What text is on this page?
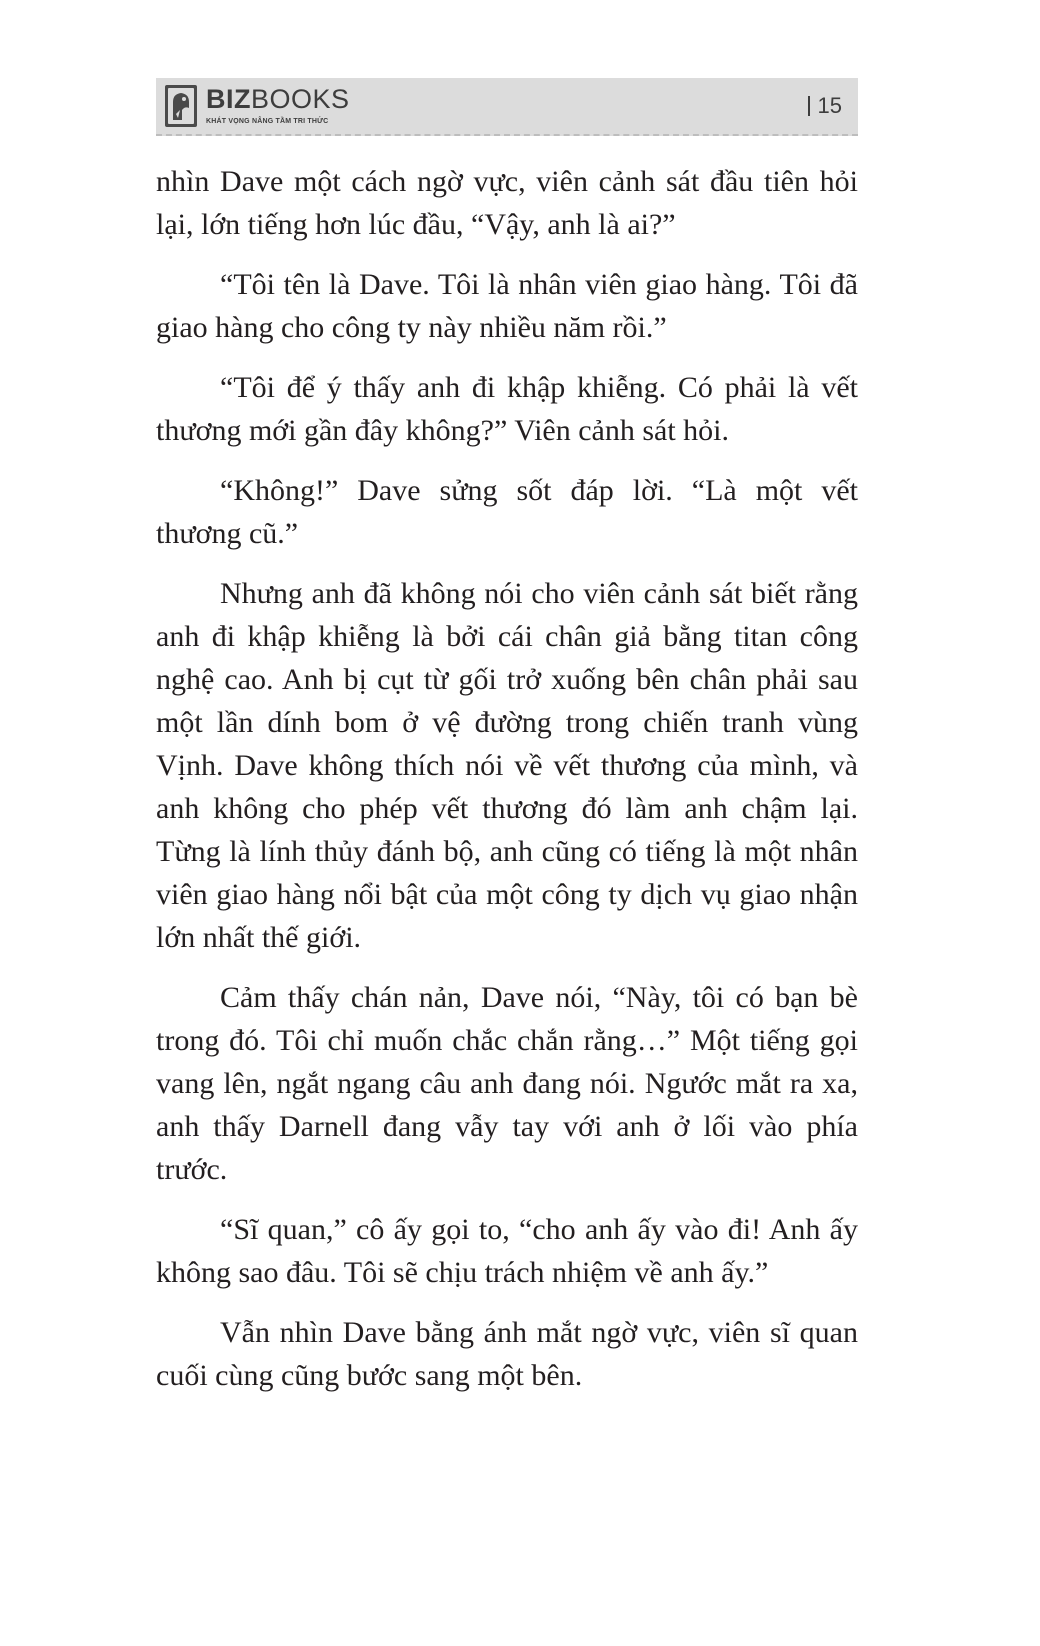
BIZBOOKS
KHÁT VỌNG NÂNG TẦM TRI THỨC
15

nhìn Dave một cách ngờ vực, viên cảnh sát đầu tiên hỏi lại, lớn tiếng hơn lúc đầu, “Vậy, anh là ai?”

“Tôi tên là Dave. Tôi là nhân viên giao hàng. Tôi đã giao hàng cho công ty này nhiều năm rồi.”

“Tôi để ý thấy anh đi khập khiễng. Có phải là vết thương mới gần đây không?” Viên cảnh sát hỏi.

“Không!” Dave sửng sốt đáp lời. “Là một vết thương cũ.”

Nhưng anh đã không nói cho viên cảnh sát biết rằng anh đi khập khiễng là bởi cái chân giả bằng titan công nghệ cao. Anh bị cụt từ gối trở xuống bên chân phải sau một lần dính bom ở vệ đường trong chiến tranh vùng Vịnh. Dave không thích nói về vết thương của mình, và anh không cho phép vết thương đó làm anh chậm lại. Từng là lính thủy đánh bộ, anh cũng có tiếng là một nhân viên giao hàng nổi bật của một công ty dịch vụ giao nhận lớn nhất thế giới.

Cảm thấy chán nản, Dave nói, “Này, tôi có bạn bè trong đó. Tôi chỉ muốn chắc chắn rằng…” Một tiếng gọi vang lên, ngắt ngang câu anh đang nói. Ngước mắt ra xa, anh thấy Darnell đang vẫy tay với anh ở lối vào phía trước.

“Sĩ quan,” cô ấy gọi to, “cho anh ấy vào đi! Anh ấy không sao đâu. Tôi sẽ chịu trách nhiệm về anh ấy.”

Vẫn nhìn Dave bằng ánh mắt ngờ vực, viên sĩ quan cuối cùng cũng bước sang một bên.
